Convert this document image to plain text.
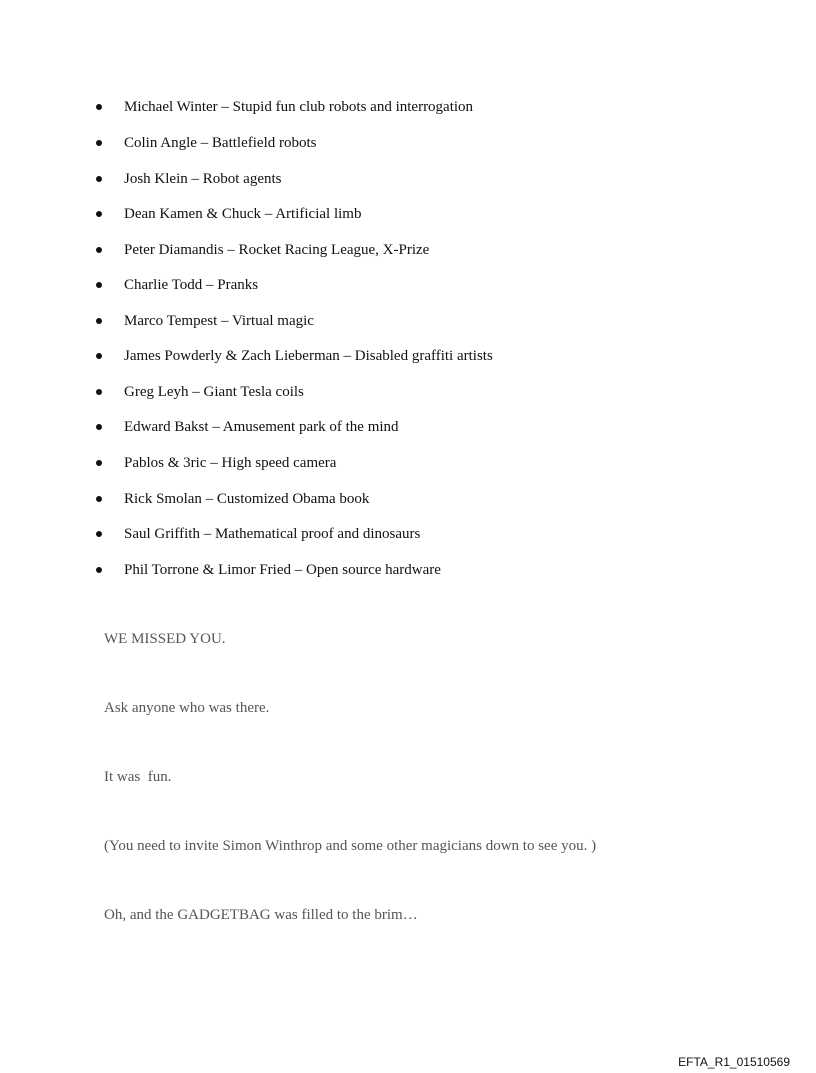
Michael Winter – Stupid fun club robots and interrogation
Colin Angle – Battlefield robots
Josh Klein – Robot agents
Dean Kamen & Chuck – Artificial limb
Peter Diamandis – Rocket Racing League, X-Prize
Charlie Todd – Pranks
Marco Tempest – Virtual magic
James Powderly & Zach Lieberman – Disabled graffiti artists
Greg Leyh – Giant Tesla coils
Edward Bakst – Amusement park of the mind
Pablos & 3ric – High speed camera
Rick Smolan – Customized Obama book
Saul Griffith – Mathematical proof and dinosaurs
Phil Torrone & Limor Fried – Open source hardware

WE MISSED YOU.

Ask anyone who was there.

It was  fun.

(You need to invite Simon Winthrop and some other magicians down to see you. )

Oh, and the GADGETBAG was filled to the brim…

EFTA_R1_01510569
